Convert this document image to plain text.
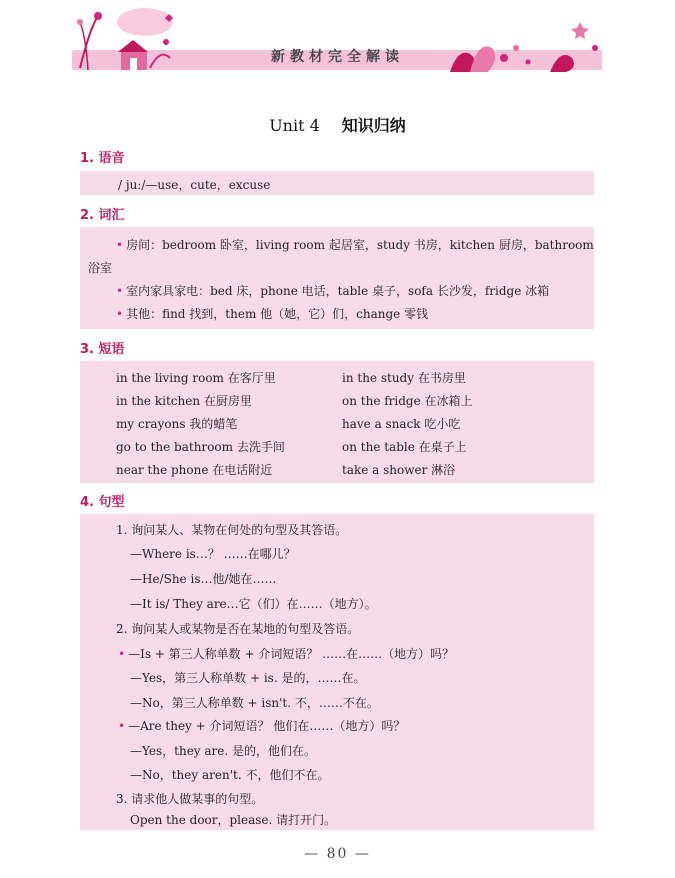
新教材完全解读
Unit 4 知识归纳
1. 语音
/ juː/—use，cute，excuse
2. 词汇
• 房间：bedroom 卧室，living room 起居室，study 书房，kitchen 厨房，bathroom
浴室
• 室内家具家电：bed 床，phone 电话，table 桌子，sofa 长沙发，fridge 冰箱
• 其他：find 找到，them 他（她，它）们，change 零钱
3. 短语
in the living room 在客厅里
in the kitchen 在厨房里
my crayons 我的蜡笔
go to the bathroom 去洗手间
near the phone 在电话附近
in the study 在书房里
on the fridge 在冰箱上
have a snack 吃小吃
on the table 在桌子上
take a shower 淋浴
4. 句型
1. 询问某人、某物在何处的句型及其答语。
—Where is…？ ……在哪儿？
—He/She is…他/她在……
—It is/ They are…它（们）在……（地方）。
2. 询问某人或某物是否在某地的句型及答语。
• —Is + 第三人称单数 + 介词短语？ ……在……（地方）吗？
—Yes，第三人称单数 + is. 是的，……在。
—No，第三人称单数 + isn't. 不，……不在。
• —Are they + 介词短语？ 他们在……（地方）吗？
—Yes，they are. 是的，他们在。
—No，they aren't. 不，他们不在。
3. 请求他人做某事的句型。
Open the door，please. 请打开门。
— 80 —
